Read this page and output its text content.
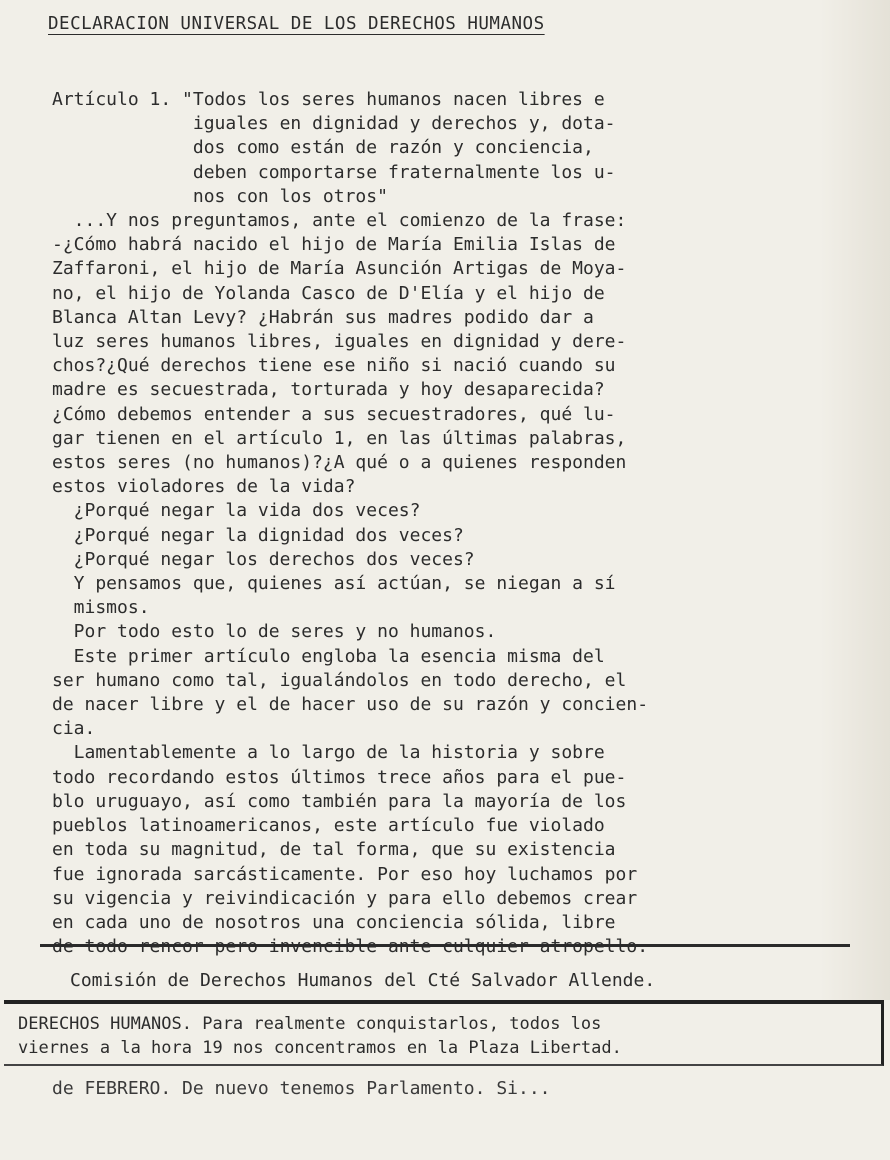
DECLARACION UNIVERSAL DE LOS DERECHOS HUMANOS
Artículo 1. "Todos los seres humanos nacen libres e
iguales en dignidad y derechos y, dota-
dos como están de razón y conciencia,
deben comportarse fraternalmente los u-
nos con los otros"
...Y nos preguntamos, ante el comienzo de la frase:
-¿Cómo habrá nacido el hijo de María Emilia Islas de
Zaffaroni, el hijo de María Asunción Artigas de Moya-
no, el hijo de Yolanda Casco de D'Elía y el hijo de
Blanca Altan Levy? ¿Habrán sus madres podido dar a
luz seres humanos libres, iguales en dignidad y dere-
chos?¿Qué derechos tiene ese niño si nació cuando su
madre es secuestrada, torturada y hoy desaparecida?
¿Cómo debemos entender a sus secuestradores, qué lu-
gar tienen en el artículo 1, en las últimas palabras,
estos seres (no humanos)?¿A qué o a quienes responden
estos violadores de la vida?
¿Porqué negar la vida dos veces?
¿Porqué negar la dignidad dos veces?
¿Porqué negar los derechos dos veces?
Y pensamos que, quienes así actúan, se niegan a sí
mismos.
Por todo esto lo de seres y no humanos.
Este primer artículo engloba la esencia misma del
ser humano como tal, igualándolos en todo derecho, el
de nacer libre y el de hacer uso de su razón y concien-
cia.
Lamentablemente a lo largo de la historia y sobre
todo recordando estos últimos trece años para el pue-
blo uruguayo, así como también para la mayoría de los
pueblos latinoamericanos, este artículo fue violado
en toda su magnitud, de tal forma, que su existencia
fue ignorada sarcásticamente. Por eso hoy luchamos por
su vigencia y reivindicación y para ello debemos crear
en cada uno de nosotros una conciencia sólida, libre
Comisión de Derechos Humanos del Cté Salvador Allende.
DERECHOS HUMANOS. Para realmente conquistarlos, todos los
viernes a la hora 19 nos concentramos en la Plaza Libertad.
de FEBRERO. De nuevo tenemos Parlamento. Si...
